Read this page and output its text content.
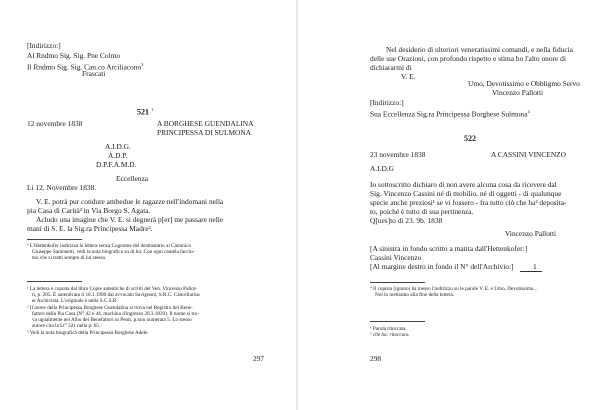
[Indirizzo:]
Al Rndmo Sig. Sig. Pne Colmo
Il Rndmo Sig. Sig. Can.co Arciliacono$^3$
Frascati
521 $^1$
12 novembre 1838	A BORGHESE GUENDALINA
PRINCIPESSA DI SULMONA
A.I.D.G.
A.D.P.
D.P.F.A.M.D.
Eccellenza
Li 12. Novembre 1838.
V. E. potrà pur condure ambedue le ragazze nell'indomani nella
pia Casa di Carità² in Via Borgo S. Agata.
Acludo una imagine che V. E. si degnerà p[er] me passare nelle
mani di S. E. la Sig.ra Principessa Madre³.
³ L'Hettenkofer indirizza la lettera senza Cognome del destinatario al Canonico
Giuseppe Santonetti, vedi la nota biografica su di lui. Con ogni cautela facciu-
mo che si tratti sempre di lui stesso.
¹ La lettera è copiata dal libro Copie autentiche di scritti del Ven. Vincenzo Pallot-
ti, p. 205. È autenticata il 10.1.1900 dal avvocato Savignoni, S.R.C. Cancellarius
et Archivista. L'originale è nella S.C.S.R.
² Il nome della Principessa Borghese Guendalina si trova nel Registro dei Bene-
fattori della Pia Casa (N° 42 e 44, machina d'ingresso 20.3.1839). Il nome si tro-
va ugualmente nel Albo dei Benefattori in Pentr. p.non numerata 5. Lo stesso
autore cita la Lt° 321 nella p. 65.
³ Vedi la nota biografica della Principessa Borghese Adele.
297
Nel desiderio di ulteriori veneratissimi comandi, e nella fiducia
delle sue Orazioni, con profondo rispetto e stima ho l'alto onore di
dichiararmi di
V. E.
Umo, Devotissimo e Obbligmo Servo
Vincenzo Pallotti
[Indirizzo:]
Sua Eccellenza Sig.ra Principessa Borghese Sulmona$^4$
522
23 novembre 1838	A CASSINI VINCENZO
A.I.D.G
Io sottoscritto dichiaro di non avere alcuna cosa da ricevere dal
Sig. Vincenzo Cassini né di mobilio, né di oggetti - di qualunque
specie anche preziosi¹ se vi fossero - fra tutto ciò che ha² deposita-
to, poiché è tutto di sua pertinenza.
Q[ues]to di 23. 9b. 1838
Vincenzo Pallotti
[A sinistra in fondo scritto a matita dall'Hettenkofer:]
Cassini Vincenzo
[Al margine destro in fondo il N° dell'Archivio:]	1
⁴ Il copista (ignoto) ha messo l'indirizzo su le parole V. E. e Umo, Devotissimo...
Noi lo mettiamo alla fine della lettera.
¹ Parola ritoccata.
² che ha: ritoccato.
298
